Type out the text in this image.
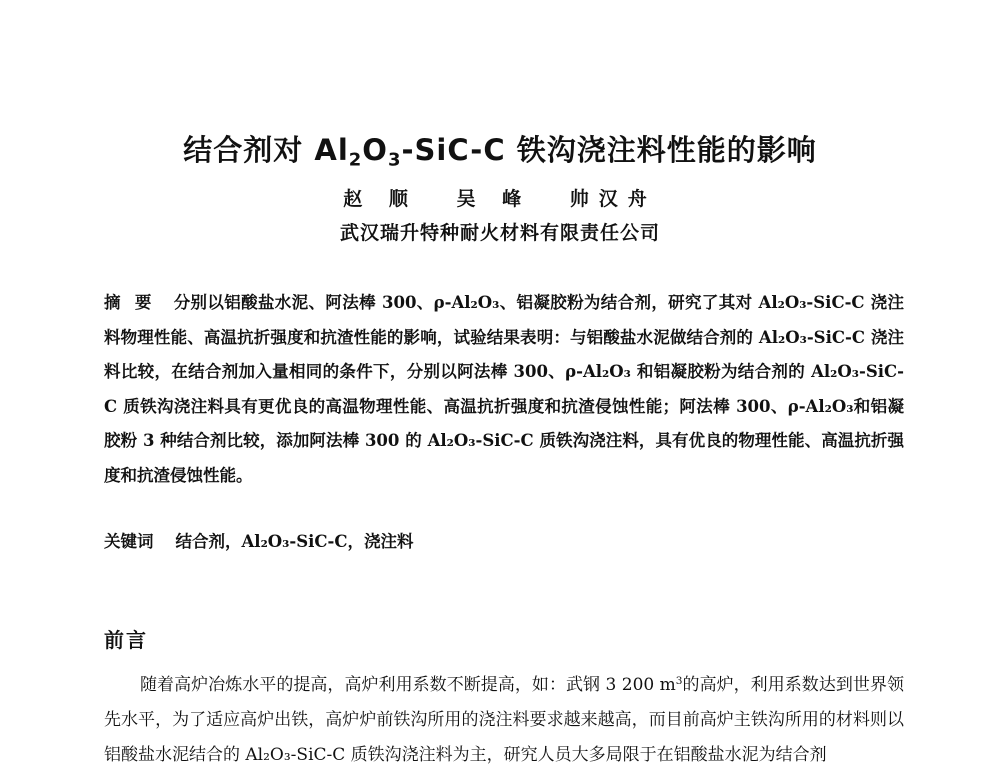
结合剂对 $Al_2O_3-SiC-C$ 铁沟浇注料性能的影响
赵 顺 吴 峰 帅汉舟
武汉瑞升特种耐火材料有限责任公司
摘要 分别以铝酸盐水泥、阿法棒 300、ρ-Al₂O₃、铝凝胶粉为结合剂，研究了其对 Al₂O₃-SiC-C 浇注料物理性能、高温抗折强度和抗渣性能的影响，试验结果表明：与铝酸盐水泥做结合剂的 Al₂O₃-SiC-C 浇注料比较，在结合剂加入量相同的条件下，分别以阿法棒 300、ρ-Al₂O₃ 和铝凝胶粉为结合剂的 Al₂O₃-SiC-C 质铁沟浇注料具有更优良的高温物理性能、高温抗折强度和抗渣侵蚀性能；阿法棒 300、ρ-Al₂O₃和铝凝胶粉 3 种结合剂比较，添加阿法棒 300 的 Al₂O₃-SiC-C 质铁沟浇注料，具有优良的物理性能、高温抗折强度和抗渣侵蚀性能。
关键词 结合剂，Al₂O₃-SiC-C，浇注料
前言
随着高炉冶炼水平的提高，高炉利用系数不断提高，如：武钢 3 200 $m^3$的高炉，利用系数达到世界领先水平，为了适应高炉出铁，高炉炉前铁沟所用的浇注料要求越来越高，而目前高炉主铁沟所用的材料则以铝酸盐水泥结合的 Al₂O₃-SiC-C 质铁沟浇注料为主，研究人员大多局限于在铝酸盐水泥为结合剂
